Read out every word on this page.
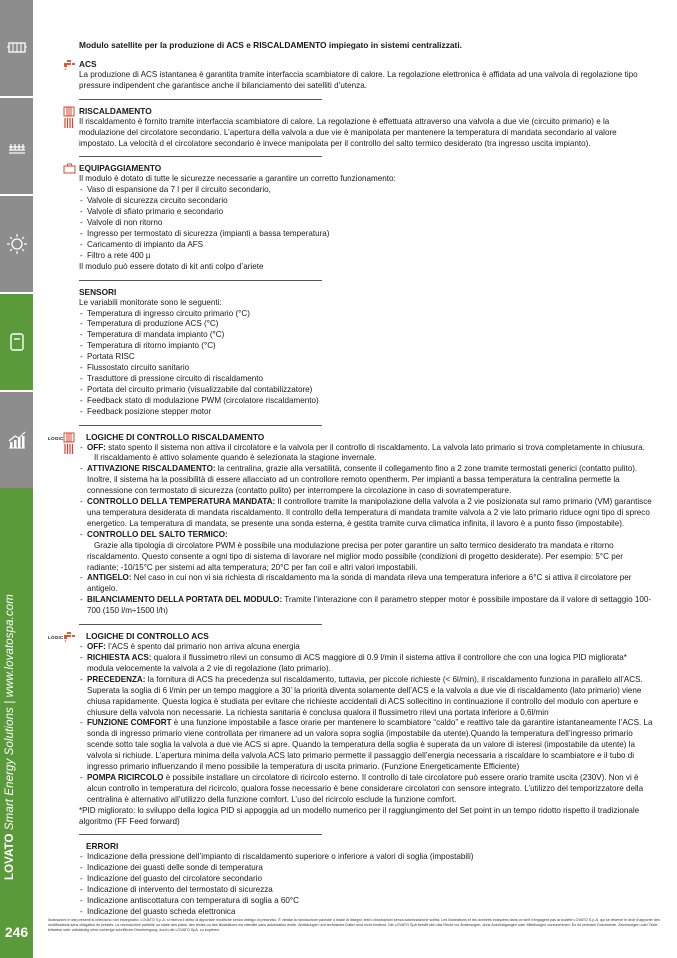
LOVATO Smart Energy Solutions | www.lovatospa.com
246

Modulo satellite per la produzione di ACS e RISCALDAMENTO impiegato in sistemi centralizzati.

ACS

La produzione di ACS istantanea è garantita tramite interfaccia scambiatore di calore. La regolazione elettronica è affidata ad una valvola di regolazione tipo pressure indipendent che garantisce anche il bilanciamento dei satelliti d’utenza.

RISCALDAMENTO

Il riscaldamento è fornito tramite interfaccia scambiatore di calore. La regolazione è effettuata attraverso una valvola a due vie (circuito primario) e la modulazione del circolatore secondario. L’apertura della valvola a due vie è manipolata per mantenere la temperatura di mandata secondario al valore impostato. La velocità d el circolatore secondario è invece manipolata per il controllo del salto termico desiderato (tra ingresso uscita impianto).

EQUIPAGGIAMENTO

Il modulo è dotato di tutte le sicurezze necessarie a garantire un corretto funzionamento:

- Vaso di espansione da 7 l per il circuito secondario,
- Valvole di sicurezza circuito secondario
- Valvole di sfiato primario e secondario
- Valvole di non ritorno
- Ingresso per termostato di sicurezza (impianti a bassa temperatura)
- Caricamento di impianto da AFS
- Filtro a rete 400 µ

Il modulo può essere dotato di kit anti colpo d’ariete

SENSORI

Le variabili monitorate sono le seguenti:

- Temperatura di ingresso circuito primario (°C)
- Temperatura di produzione ACS (°C)
- Temperatura di mandata impianto (°C)
- Temperatura di ritorno impianto (°C)
- Portata RISC
- Flussostato circuito sanitario
- Trasduttore di pressione circuito di riscaldamento
- Portata del circuito primario (visualizzabile dal contabilizzatore)
- Feedback stato di modulazione PWM (circolatore riscaldamento)
- Feedback posizione stepper motor
LOGIC	LOGICHE DI CONTROLLO RISCALDAMENTO
- OFF: stato spento il sistema non attiva il circolatore e la valvola per il controllo di riscaldamento. La valvola lato primario si trova completamente in chiusura.
Il riscaldamento è attivo solamente quando è selezionata la stagione invernale.
- ATTIVAZIONE RISCALDAMENTO: la centralina, grazie alla versatilità, consente il collegamento fino a 2 zone tramite termostati generici (contatto pulito). Inoltre, il sistema ha la possibilità di essere allacciato ad un controllore remoto opentherm. Per impianti a bassa temperatura la centralina permette la connessione con termostato di sicurezza (contatto pulito) per interrompere la circolazione in caso di sovratemperature.
- CONTROLLO DELLA TEMPERATURA MANDATA: Il controllore tramite la manipolazione della valvola a 2 vie posizionata sul ramo primario (VM) garantisce una temperatura desiderata di mandata riscaldamento. Il controllo della temperatura di mandata tramite valvola a 2 vie lato primario riduce ogni tipo di spreco energetico. La temperatura di mandata, se presente una sonda esterna, è gestita tramite curva climatica infinita, il lavoro è a punto fisso (impostabile).
- CONTROLLO DEL SALTO TERMICO:
Grazie alla tipologia di circolatore PWM è possibile una modulazione precisa per poter garantire un salto termico desiderato tra mandata e ritorno riscaldamento. Questo consente a ogni tipo di sistema di lavorare nel miglior modo possibile (condizioni di progetto desiderate). Per esempio: 5°C per radiante; -10/15°C per sistemi ad alta temperatura; 20°C per fan coil e altri valori impostabili.
- ANTIGELO: Nel caso in cui non vi sia richiesta di riscaldamento ma la sonda di mandata rileva una temperatura inferiore a 6°C si attiva il circolatore per antigelo.
- BILANCIAMENTO DELLA PORTATA DEL MODULO: Tramite l’interazione con il parametro stepper motor è possibile impostare da il valore di settaggio 100-700 (150 l/m÷1500 l/h)
LOGIC	LOGICHE DI CONTROLLO ACS
- OFF: l’ACS è spento dal primario non arriva alcuna energia
- RICHIESTA ACS: qualora il flussimetro rilevi un consumo di ACS maggiore di 0.9 l/min il sistema attiva il controllore che con una logica PID migliorata* modula velocemente la valvola a 2 vie di regolazione (lato primario).
- PRECEDENZA: la fornitura di ACS ha precedenza sul riscaldamento, tuttavia, per piccole richieste (< 6l/min), il riscaldamento funziona in parallelo all’ACS. Superata la soglia di 6 l/min per un tempo maggiore a 30’ la priorità diventa solamente dell’ACS e la valvola a due vie di riscaldamento (lato primario) viene chiusa rapidamente. Questa logica è studiata per evitare che richieste accidentali di ACS sollecitino in continuazione il controllo del modulo con aperture e chiusure della valvola non necessarie. La richiesta sanitaria è conclusa qualora il flussimetro rilevi una portata inferiore a 0,6l/min
- FUNZIONE COMFORT è una funzione impostabile a fasce orarie per mantenere lo scambiatore “caldo” e reattivo tale da garantire istantaneamente l’ACS. La sonda di ingresso primario viene controllata per rimanere ad un valora sopra soglia (impostabile da utente).Quando la temperatura dell’ingresso primario scende sotto tale soglia la valvola a due vie ACS si apre. Quando la temperatura della soglia è superata da un valore di isteresi (impostabile da utente) la valvola si richiude. L’apertura minima della valvola ACS lato primario permette il passaggio dell’energia necessaria a riscaldare lo scambiatore e il tubo di ingresso primario influenzando il meno possibile la temperatura di uscita primario. (Funzione Energeticamente Efficiente)
- POMPA RICIRCOLO è possibile installare un circolatore di ricircolo esterno. Il controllo di tale circolatore può essere orario tramite uscita (230V). Non vi è alcun controllo in temperatura del ricircolo, qualora fosse necessario è bene considerare circolatori con sensore integrato. L’utilizzo del temporizzatore della centralina è alternativo all’utilizzo della funzione comfort. L’uso del ricircolo esclude la funzione comfort.

*PID migliorato: lo sviluppo della logica PID si appoggia ad un modello numerico per il raggiungimento del Set point in un tempo ridotto rispetto il tradizionale algoritmo (FF Feed forward)

ERRORI
- Indicazione della pressione dell’impianto di riscaldamento superiore o inferiore a valori di soglia (impostabili)
- Indicazione dei guasti delle sonde di temperatura
- Indicazione del guasto del circolatore secondario
- Indicazione di intervento del termostato di sicurezza
- Indicazione antiscottatura con temperatura di soglia a 60°C
- Indicazione del guasto scheda elettronica
Illustrazioni e dati presenti si intendono non impegnativi. LOVATO S.p.A. si riserva il diritto di apportare modifiche senza obbligo di preavviso. È vietata la riproduzione parziale o totale di disegni, testi o illustrazioni senza autorizzazione scritta. Les illustrations et les données indiquées dans ce tarif n’engagent pas la société LOVATO S.p.A. qui se réserve le droit d’apporter des modifications sans obligation de préavis. La reproduction partielle ou totale des plans, des textes ou des illustrations est interdite sans autorisation écrite. Abbildungen und technische Daten sind nicht bindend. Die LOVATO SpA behält sich das Recht vor Änderungen, ohne Ankündigungen oder Mitteilungen vorzunehmen. Es ist verboten Dokumente, Zeichnungen oder Texte, teilweise oder vollständig ohne vorherige schriftliche Genehmigung, durch die LOVATO SpA, zu kopieren.
